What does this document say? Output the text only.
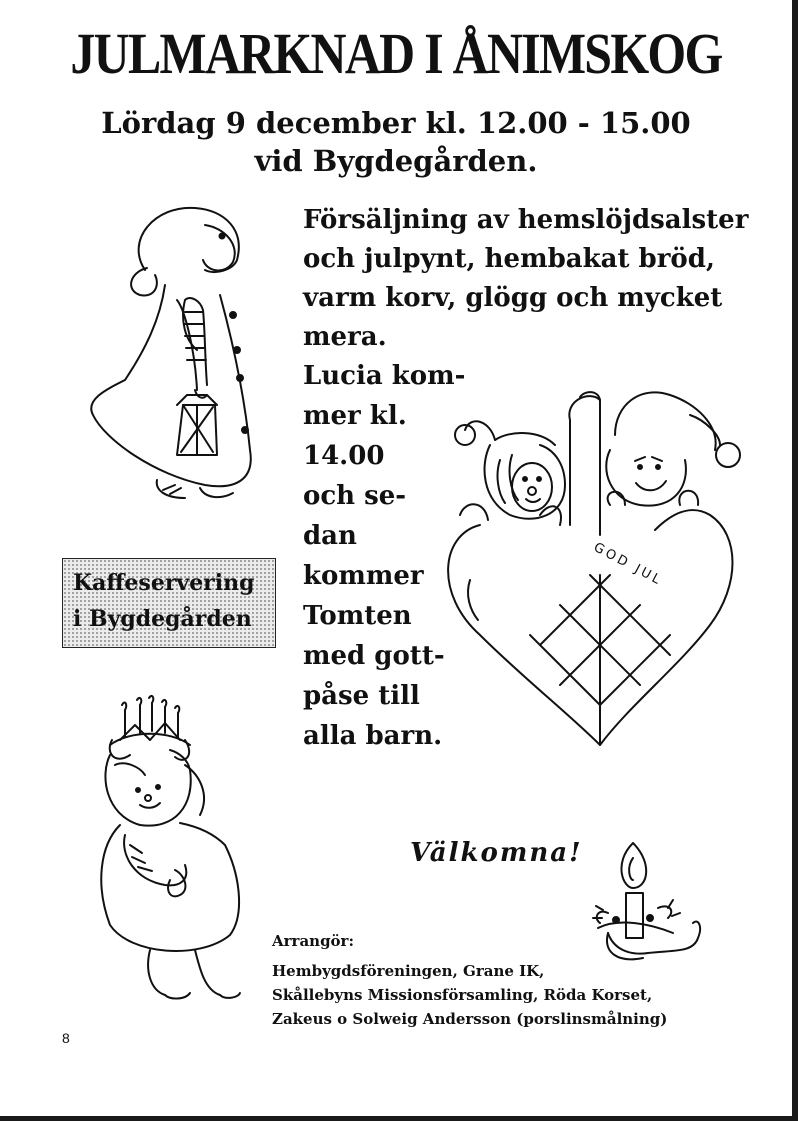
JULMARKNAD I ÅNIMSKOG
Lördag 9 december kl. 12.00 - 15.00
vid Bygdegården.
Försäljning av hemslöjdsalster
och julpynt, hembakat bröd,
varm korv, glögg och mycket
mera.
Lucia kom-
mer kl.
14.00
och se-
dan
kommer
Tomten
med gott-
påse till
alla barn.
Kaffeservering
i Bygdegården
GOD JUL
Välkomna!
Arrangör:
Hembygdsföreningen, Grane IK,
Skållebyns Missionsförsamling, Röda Korset,
Zakeus o Solweig Andersson (porslinsmålning)
8
